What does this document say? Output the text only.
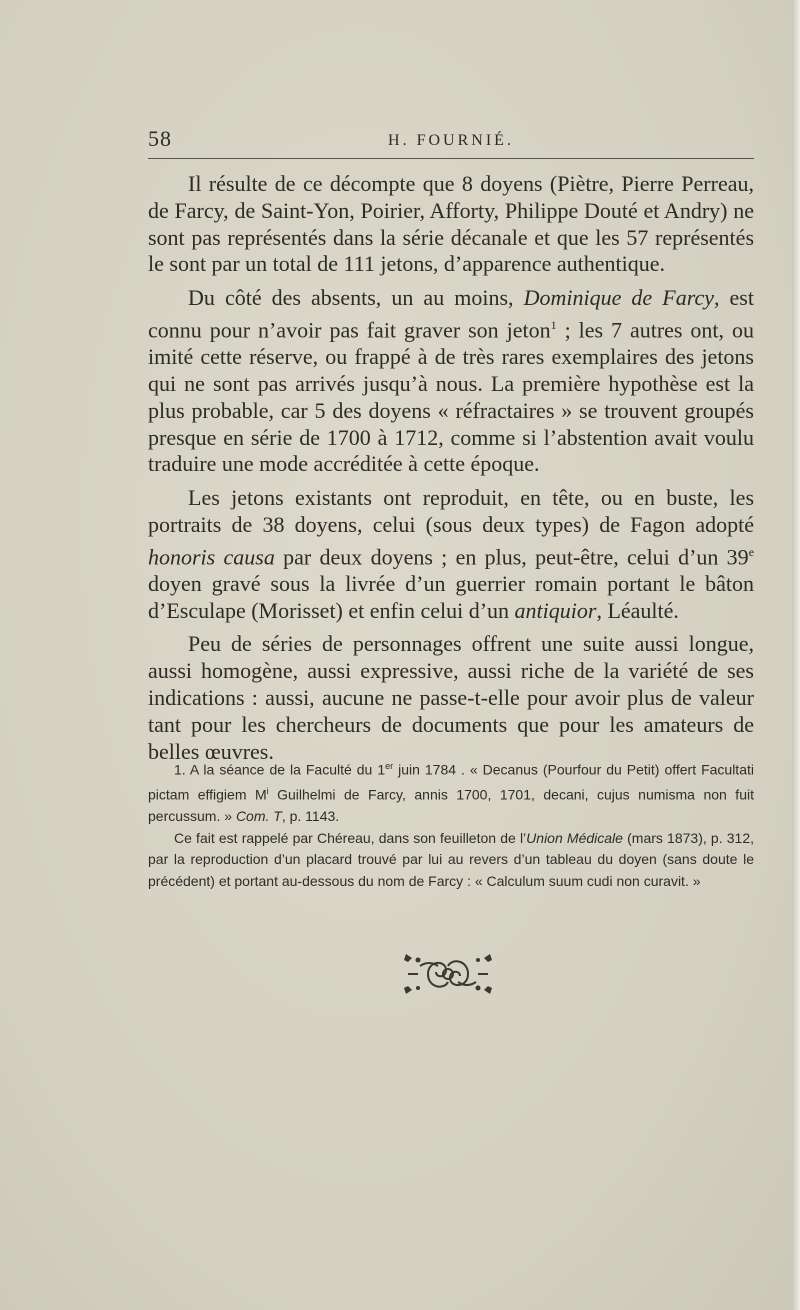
58	H. FOURNIÉ.

Il résulte de ce décompte que 8 doyens (Piètre, Pierre Perreau, de Farcy, de Saint-Yon, Poirier, Afforty, Philippe Douté et Andry) ne sont pas représentés dans la série décanale et que les 57 représentés le sont par un total de 111 jetons, d’apparence authentique.

Du côté des absents, un au moins, Dominique de Farcy, est connu pour n’avoir pas fait graver son jeton$^1$ ; les 7 autres ont, ou imité cette réserve, ou frappé à de très rares exemplaires des jetons qui ne sont pas arrivés jusqu’à nous. La première hypothèse est la plus probable, car 5 des doyens « réfractaires » se trouvent groupés presque en série de 1700 à 1712, comme si l’abstention avait voulu traduire une mode accréditée à cette époque.

Les jetons existants ont reproduit, en tête, ou en buste, les portraits de 38 doyens, celui (sous deux types) de Fagon adopté honoris causa par deux doyens ; en plus, peut-être, celui d’un 39e doyen gravé sous la livrée d’un guerrier romain portant le bâton d’Esculape (Morisset) et enfin celui d’un antiquior, Léaulté.

Peu de séries de personnages offrent une suite aussi longue, aussi homogène, aussi expressive, aussi riche de la variété de ses indications : aussi, aucune ne passe-t-elle pour avoir plus de valeur tant pour les chercheurs de documents que pour les amateurs de belles œuvres.

1. A la séance de la Faculté du 1er juin 1784 . « Decanus (Pourfour du Petit) offert Facultati pictam effigiem $M^i$ Guilhelmi de Farcy, annis 1700, 1701, decani, cujus numisma non fuit percussum. » Com. T, p. 1143.

Ce fait est rappelé par Chéreau, dans son feuilleton de l’Union Médicale (mars 1873), p. 312, par la reproduction d’un placard trouvé par lui au revers d’un tableau du doyen (sans doute le précédent) et portant au-dessous du nom de Farcy : « Calculum suum cudi non curavit. »
